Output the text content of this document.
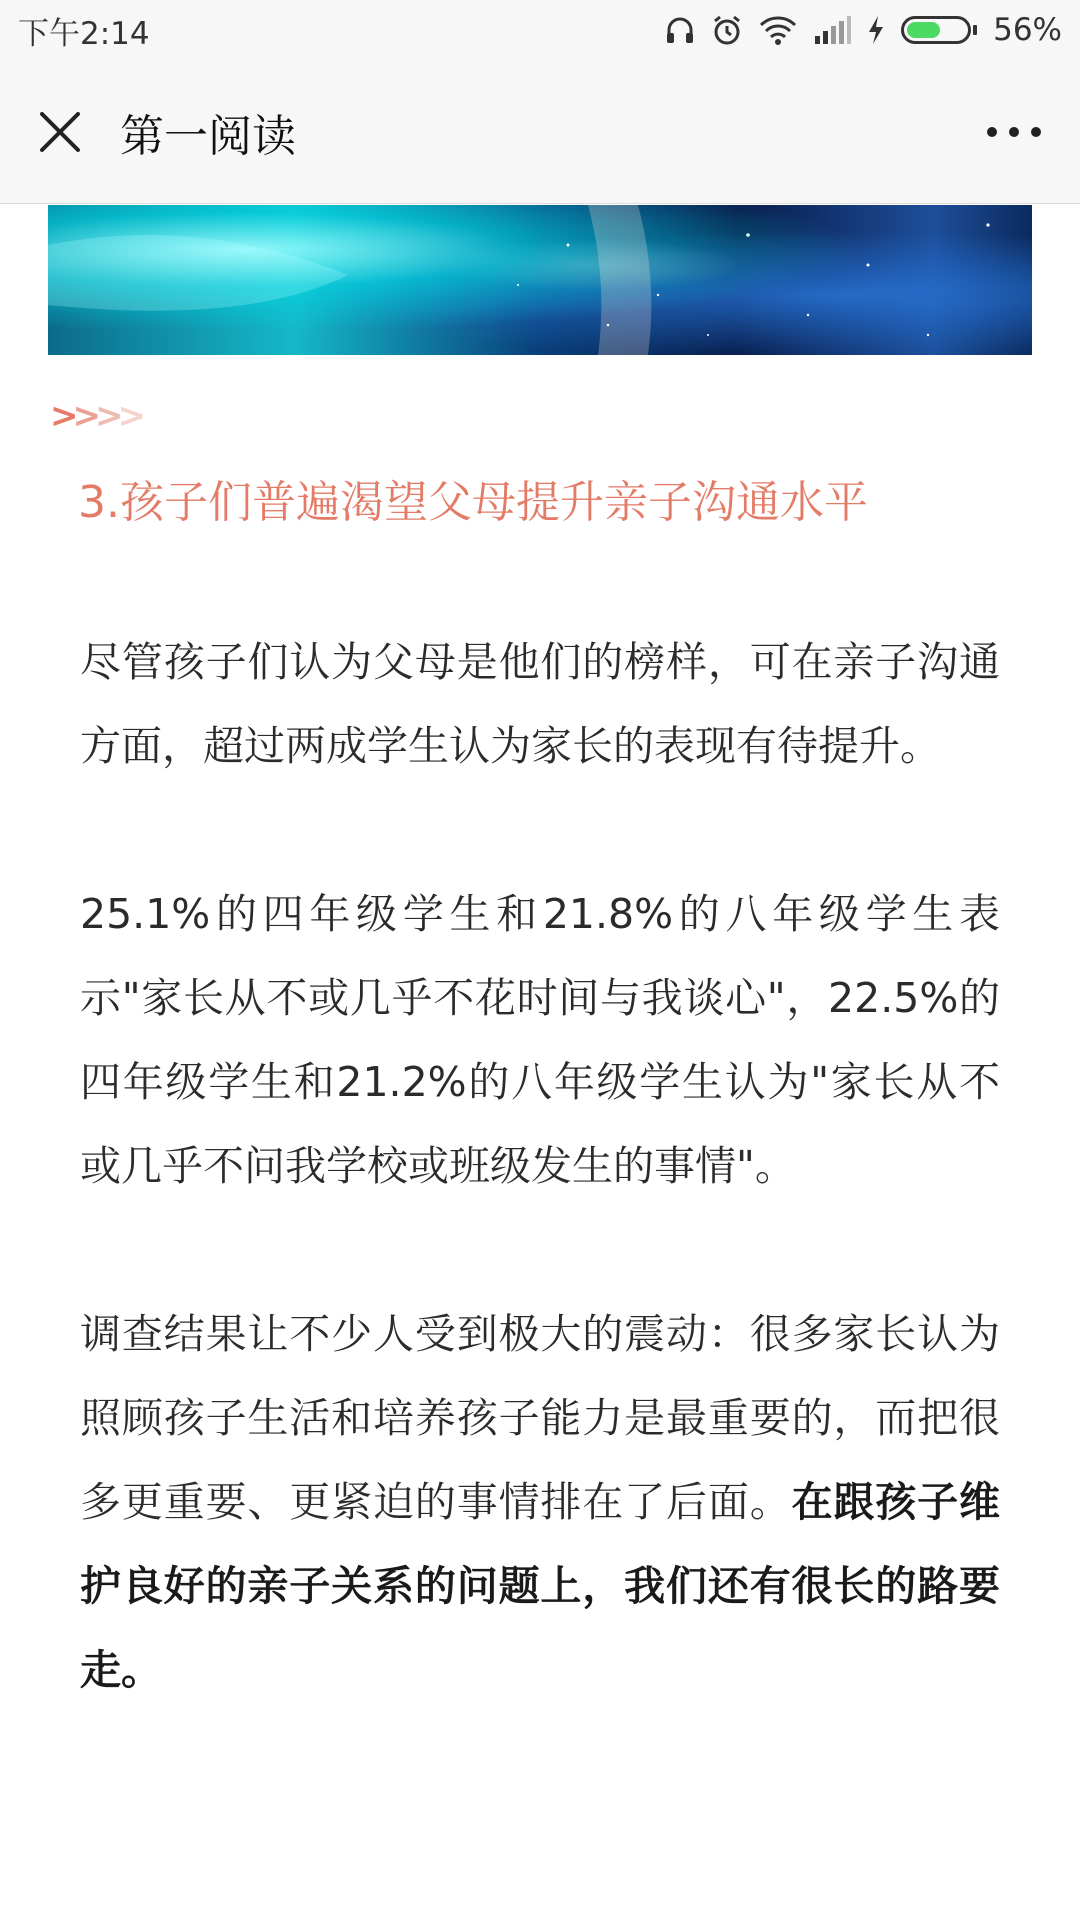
下午2:14	56%
第一阅读
>>>>
3.孩子们普遍渴望父母提升亲子沟通水平

尽管孩子们认为父母是他们的榜样，可在亲子沟通方面，超过两成学生认为家长的表现有待提升。

25.1%的四年级学生和21.8%的八年级学生表示"家长从不或几乎不花时间与我谈心"，22.5%的四年级学生和21.2%的八年级学生认为"家长从不或几乎不问我学校或班级发生的事情"。

调查结果让不少人受到极大的震动：很多家长认为照顾孩子生活和培养孩子能力是最重要的，而把很多更重要、更紧迫的事情排在了后面。在跟孩子维护良好的亲子关系的问题上，我们还有很长的路要走。
